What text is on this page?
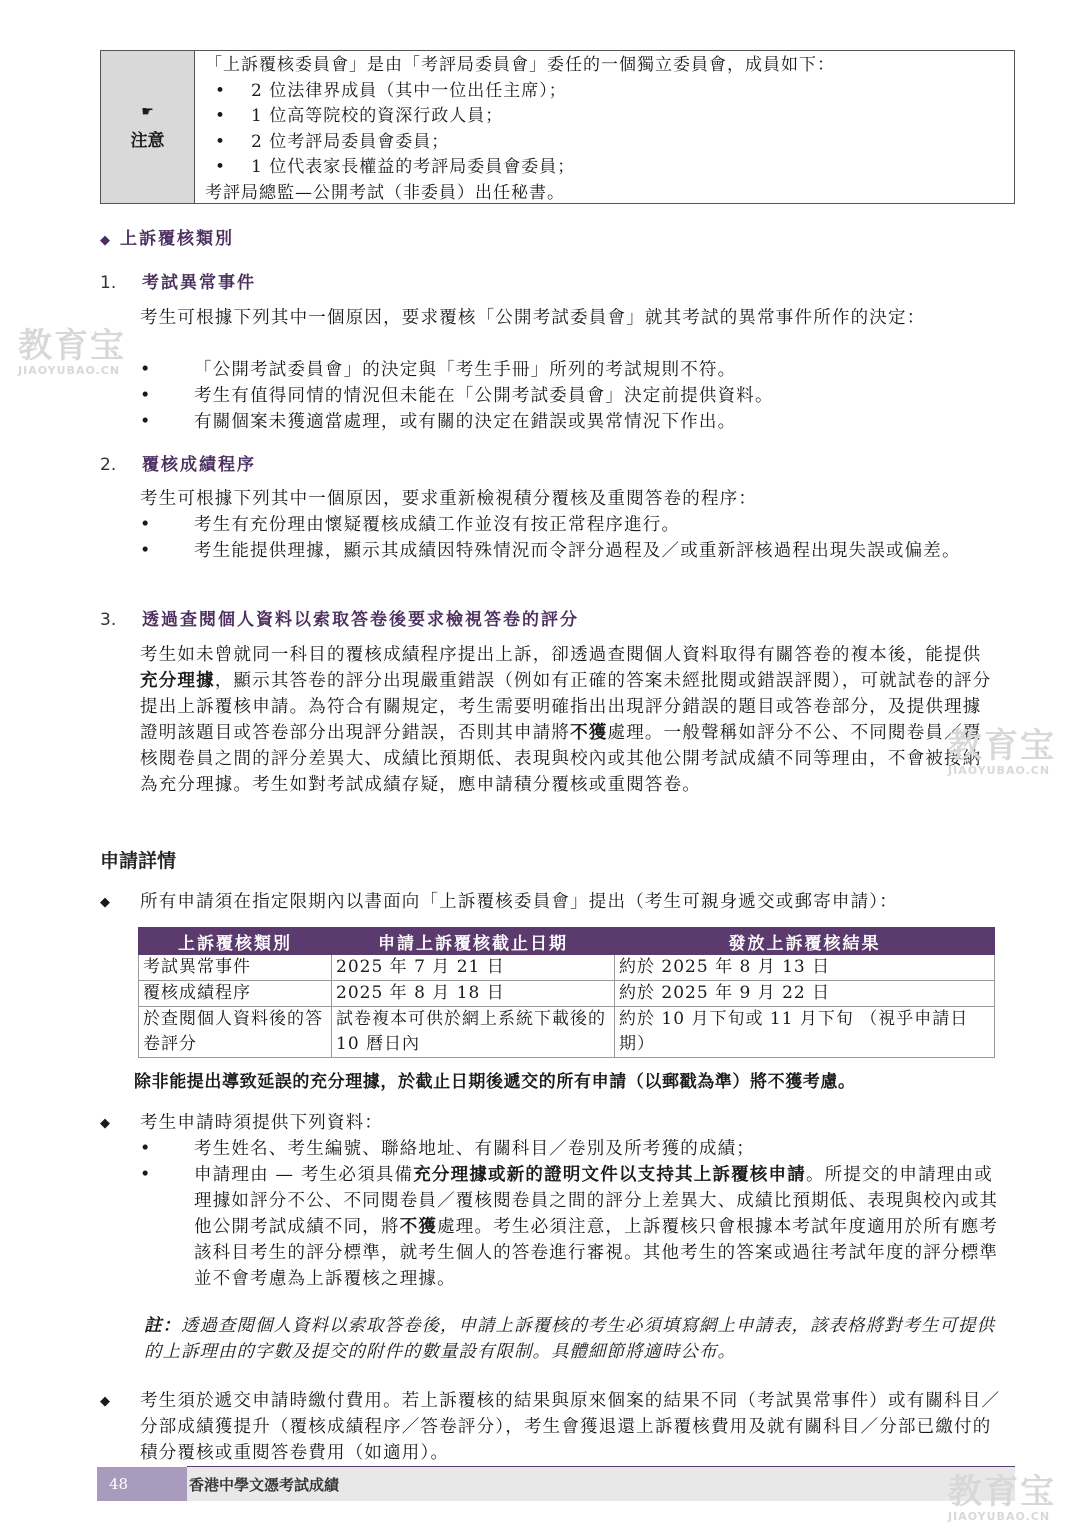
☛
注意
「上訴覆核委員會」是由「考評局委員會」委任的一個獨立委員會，成員如下：
•	2 位法律界成員（其中一位出任主席）；
•	1 位高等院校的資深行政人員；
•	2 位考評局委員會委員；
•	1 位代表家長權益的考評局委員會委員；
考評局總監—公開考試（非委員）出任秘書。
◆ 上訴覆核類別
1. 考試異常事件
考生可根據下列其中一個原因，要求覆核「公開考試委員會」就其考試的異常事件所作的決定：
•	「公開考試委員會」的決定與「考生手冊」所列的考試規則不符。
•	考生有值得同情的情況但未能在「公開考試委員會」決定前提供資料。
•	有關個案未獲適當處理，或有關的決定在錯誤或異常情況下作出。
2. 覆核成績程序
考生可根據下列其中一個原因，要求重新檢視積分覆核及重閱答卷的程序：
•	考生有充份理由懷疑覆核成績工作並沒有按正常程序進行。
•	考生能提供理據，顯示其成績因特殊情況而令評分過程及／或重新評核過程出現失誤或偏差。
3. 透過查閱個人資料以索取答卷後要求檢視答卷的評分
考生如未曾就同一科目的覆核成績程序提出上訴，卻透過查閱個人資料取得有關答卷的複本後，能提供充分理據，顯示其答卷的評分出現嚴重錯誤（例如有正確的答案未經批閱或錯誤評閱），可就試卷的評分提出上訴覆核申請。為符合有關規定，考生需要明確指出出現評分錯誤的題目或答卷部分，及提供理據證明該題目或答卷部分出現評分錯誤，否則其申請將不獲處理。一般聲稱如評分不公、不同閱卷員／覆核閱卷員之間的評分差異大、成績比預期低、表現與校內或其他公開考試成績不同等理由，不會被接納為充分理據。考生如對考試成績存疑，應申請積分覆核或重閱答卷。
申請詳情
◆ 所有申請須在指定限期內以書面向「上訴覆核委員會」提出（考生可親身遞交或郵寄申請）：
上訴覆核類別	申請上訴覆核截止日期	發放上訴覆核結果
考試異常事件	2025 年 7 月 21 日	約於 2025 年 8 月 13 日
覆核成績程序	2025 年 8 月 18 日	約於 2025 年 9 月 22 日
於查閱個人資料後的答卷評分	試卷複本可供於網上系統下載後的 10 曆日內	約於 10 月下旬或 11 月下旬 （視乎申請日期）
除非能提出導致延誤的充分理據，於截止日期後遞交的所有申請（以郵戳為準）將不獲考慮。
◆ 考生申請時須提供下列資料：
•	考生姓名、考生編號、聯絡地址、有關科目／卷別及所考獲的成績；
•	申請理由 — 考生必須具備充分理據或新的證明文件以支持其上訴覆核申請。所提交的申請理由或理據如評分不公、不同閱卷員／覆核閱卷員之間的評分上差異大、成績比預期低、表現與校內或其他公開考試成績不同，將不獲處理。考生必須注意，上訴覆核只會根據本考試年度適用於所有應考該科目考生的評分標準，就考生個人的答卷進行審視。其他考生的答案或過往考試年度的評分標準並不會考慮為上訴覆核之理據。
註：透過查閱個人資料以索取答卷後，申請上訴覆核的考生必須填寫網上申請表，該表格將對考生可提供的上訴理由的字數及提交的附件的數量設有限制。具體細節將適時公布。
◆ 考生須於遞交申請時繳付費用。若上訴覆核的結果與原來個案的結果不同（考試異常事件）或有關科目／分部成績獲提升（覆核成績程序／答卷評分），考生會獲退還上訴覆核費用及就有關科目／分部已繳付的積分覆核或重閱答卷費用（如適用）。
48	香港中學文憑考試成績
教育宝
JIAOYUBAO.CN
教育宝
JIAOYUBAO.CN
教育宝
JIAOYUBAO.CN
